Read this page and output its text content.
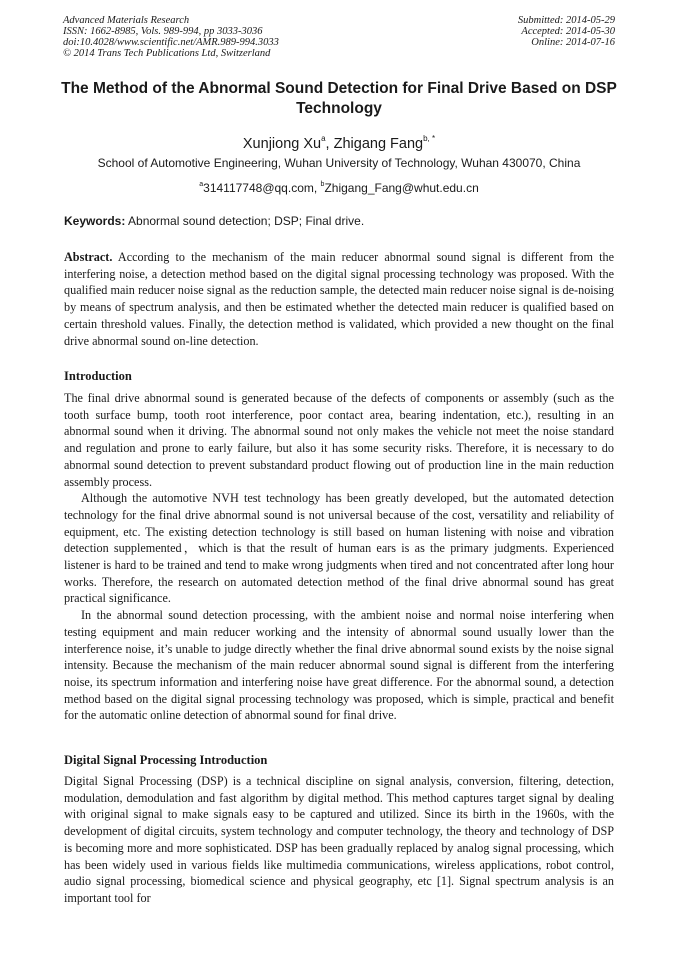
Advanced Materials Research
ISSN: 1662-8985, Vols. 989-994, pp 3033-3036
doi:10.4028/www.scientific.net/AMR.989-994.3033
© 2014 Trans Tech Publications Ltd, Switzerland
Submitted: 2014-05-29
Accepted: 2014-05-30
Online: 2014-07-16
The Method of the Abnormal Sound Detection for Final Drive Based on DSP Technology
Xunjiong Xu$^a$, Zhigang Fang$^{b, *}$
School of Automotive Engineering, Wuhan University of Technology, Wuhan 430070, China
$^a$314117748@qq.com, $^b$Zhigang_Fang@whut.edu.cn
Keywords: Abnormal sound detection; DSP; Final drive.

Abstract. According to the mechanism of the main reducer abnormal sound signal is different from the interfering noise, a detection method based on the digital signal processing technology was proposed. With the qualified main reducer noise signal as the reduction sample, the detected main reducer noise signal is de-noising by means of spectrum analysis, and then be estimated whether the detected main reducer is qualified based on certain threshold values. Finally, the detection method is validated, which provided a new thought on the final drive abnormal sound on-line detection.

Introduction

The final drive abnormal sound is generated because of the defects of components or assembly (such as the tooth surface bump, tooth root interference, poor contact area, bearing indentation, etc.), resulting in an abnormal sound when it driving. The abnormal sound not only makes the vehicle not meet the noise standard and regulation and prone to early failure, but also it has some security risks. Therefore, it is necessary to do abnormal sound detection to prevent substandard product flowing out of production line in the main reduction assembly process.

Although the automotive NVH test technology has been greatly developed, but the automated detection technology for the final drive abnormal sound is not universal because of the cost, versatility and reliability of equipment, etc. The existing detection technology is still based on human listening with noise and vibration detection supplemented，which is that the result of human ears is as the primary judgments. Experienced listener is hard to be trained and tend to make wrong judgments when tired and not concentrated after long hour works. Therefore, the research on automated detection method of the final drive abnormal sound has great practical significance.

In the abnormal sound detection processing, with the ambient noise and normal noise interfering when testing equipment and main reducer working and the intensity of abnormal sound usually lower than the interference noise, it’s unable to judge directly whether the final drive abnormal sound exists by the noise signal intensity. Because the mechanism of the main reducer abnormal sound signal is different from the interfering noise, its spectrum information and interfering noise have great difference. For the abnormal sound, a detection method based on the digital signal processing technology was proposed, which is simple, practical and benefit for the automatic online detection of abnormal sound for final drive.

Digital Signal Processing Introduction

Digital Signal Processing (DSP) is a technical discipline on signal analysis, conversion, filtering, detection, modulation, demodulation and fast algorithm by digital method. This method captures target signal by dealing with original signal to make signals easy to be captured and utilized. Since its birth in the 1960s, with the development of digital circuits, system technology and computer technology, the theory and technology of DSP is becoming more and more sophisticated. DSP has been gradually replaced by analog signal processing, which has been widely used in various fields like multimedia communications, wireless applications, robot control, audio signal processing, biomedical science and physical geography, etc [1]. Signal spectrum analysis is an important tool for
